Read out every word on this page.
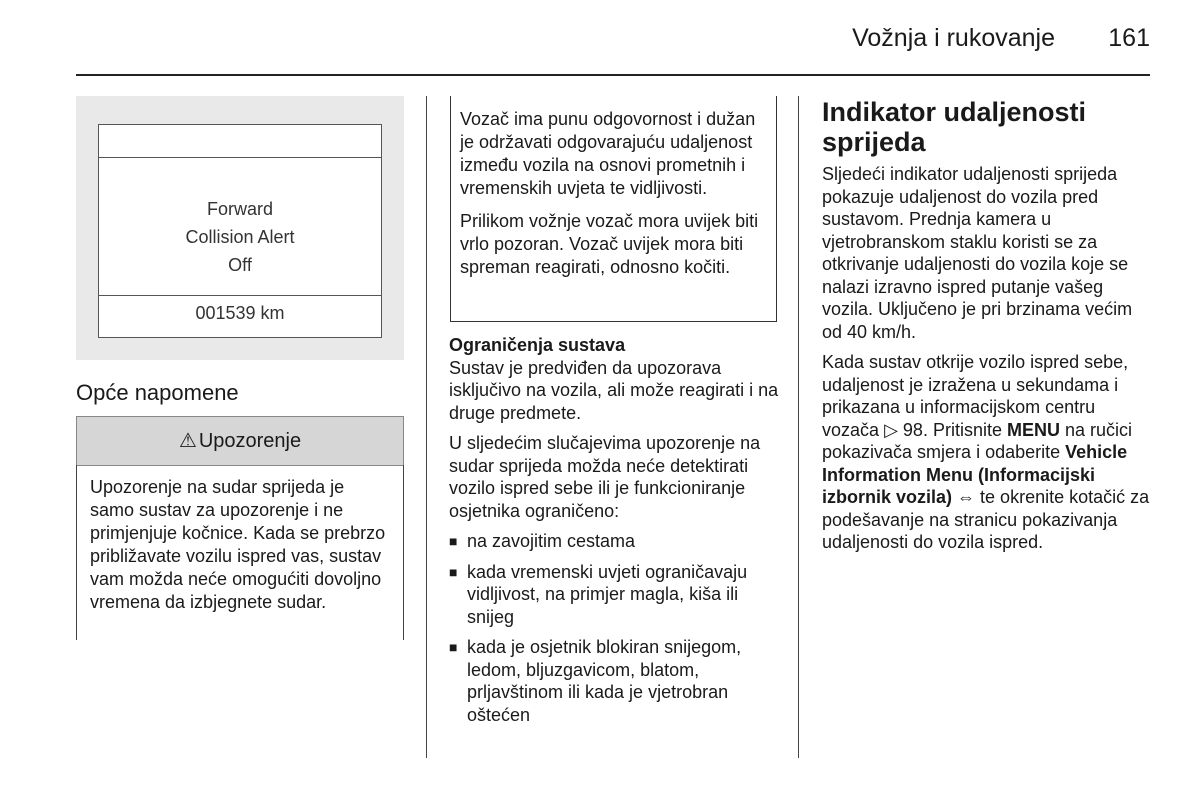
Vožnja i rukovanje 161
Forward
Collision Alert
Off
001539 km
Opće napomene
⚠ Upozorenje
Upozorenje na sudar sprijeda je samo sustav za upozorenje i ne primjenjuje kočnice. Kada se prebrzo približavate vozilu ispred vas, sustav vam možda neće omogućiti dovoljno vremena da izbjegnete sudar.

Vozač ima punu odgovornost i dužan je održavati odgovarajuću udaljenost između vozila na osnovi prometnih i vremenskih uvjeta te vidljivosti.

Prilikom vožnje vozač mora uvijek biti vrlo pozoran. Vozač uvijek mora biti spreman reagirati, odnosno kočiti.

Ograničenja sustava

Sustav je predviđen da upozorava isključivo na vozila, ali može reagirati i na druge predmete.

U sljedećim slučajevima upozorenje na sudar sprijeda možda neće detektirati vozilo ispred sebe ili je funkcioniranje osjetnika ograničeno:

■ na zavojitim cestama
■ kada vremenski uvjeti ograničavaju vidljivost, na primjer magla, kiša ili snijeg
■ kada je osjetnik blokiran snijegom, ledom, bljuzgavicom, blatom, prljavštinom ili kada je vjetrobran oštećen
Indikator udaljenosti sprijeda

Sljedeći indikator udaljenosti sprijeda pokazuje udaljenost do vozila pred sustavom. Prednja kamera u vjetrobranskom staklu koristi se za otkrivanje udaljenosti do vozila koje se nalazi izravno ispred putanje vašeg vozila. Uključeno je pri brzinama većim od 40 km/h.

Kada sustav otkrije vozilo ispred sebe, udaljenost je izražena u sekundama i prikazana u informacijskom centru vozača ▷ 98. Pritisnite MENU na ručici pokazivača smjera i odaberite Vehicle Information Menu (Informacijski izbornik vozila) ⇔ te okrenite kotačić za podešavanje na stranicu pokazivanja udaljenosti do vozila ispred.
